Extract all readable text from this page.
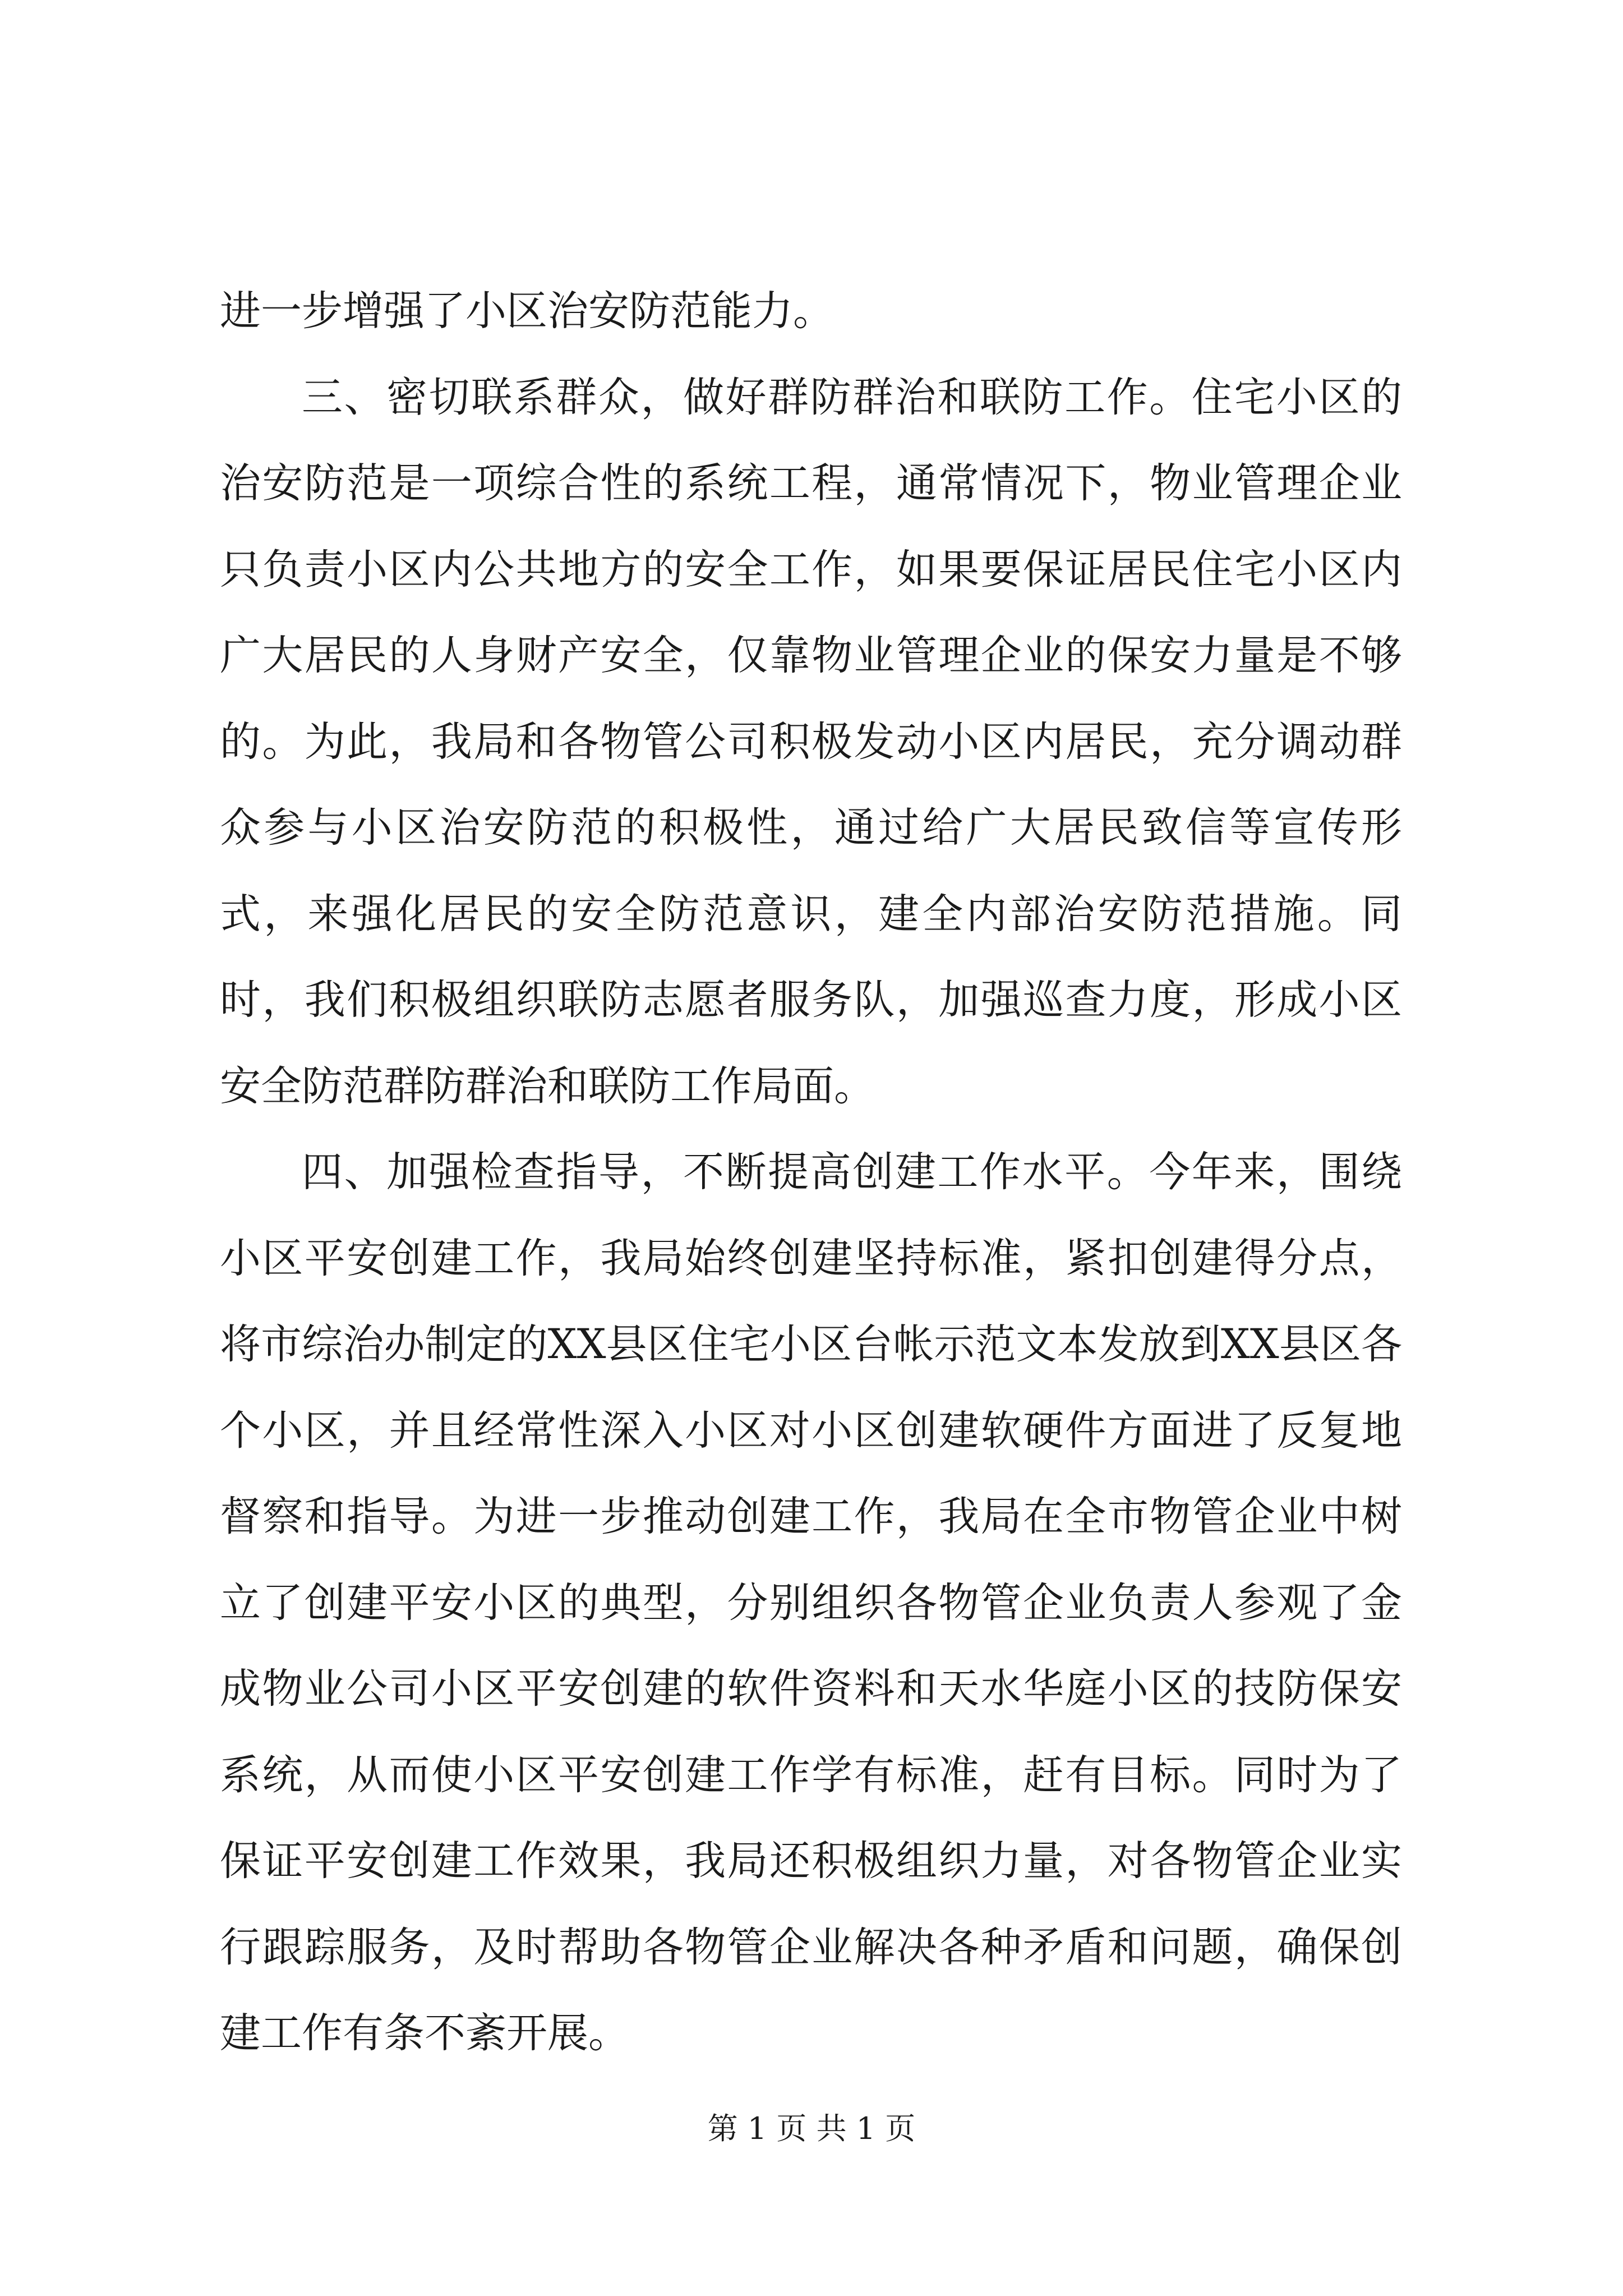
进一步增强了小区治安防范能力。

三、密切联系群众，做好群防群治和联防工作。住宅小区的治安防范是一项综合性的系统工程，通常情况下，物业管理企业只负责小区内公共地方的安全工作，如果要保证居民住宅小区内广大居民的人身财产安全，仅靠物业管理企业的保安力量是不够的。为此，我局和各物管公司积极发动小区内居民，充分调动群众参与小区治安防范的积极性，通过给广大居民致信等宣传形式，来强化居民的安全防范意识，建全内部治安防范措施。同时，我们积极组织联防志愿者服务队，加强巡查力度，形成小区安全防范群防群治和联防工作局面。

四、加强检查指导，不断提高创建工作水平。今年来，围绕小区平安创建工作，我局始终创建坚持标准，紧扣创建得分点，将市综治办制定的XX县区住宅小区台帐示范文本发放到XX县区各个小区，并且经常性深入小区对小区创建软硬件方面进了反复地督察和指导。为进一步推动创建工作，我局在全市物管企业中树立了创建平安小区的典型，分别组织各物管企业负责人参观了金成物业公司小区平安创建的软件资料和天水华庭小区的技防保安系统，从而使小区平安创建工作学有标准，赶有目标。同时为了保证平安创建工作效果，我局还积极组织力量，对各物管企业实行跟踪服务，及时帮助各物管企业解决各种矛盾和问题，确保创建工作有条不紊开展。

第 1 页 共 1 页
